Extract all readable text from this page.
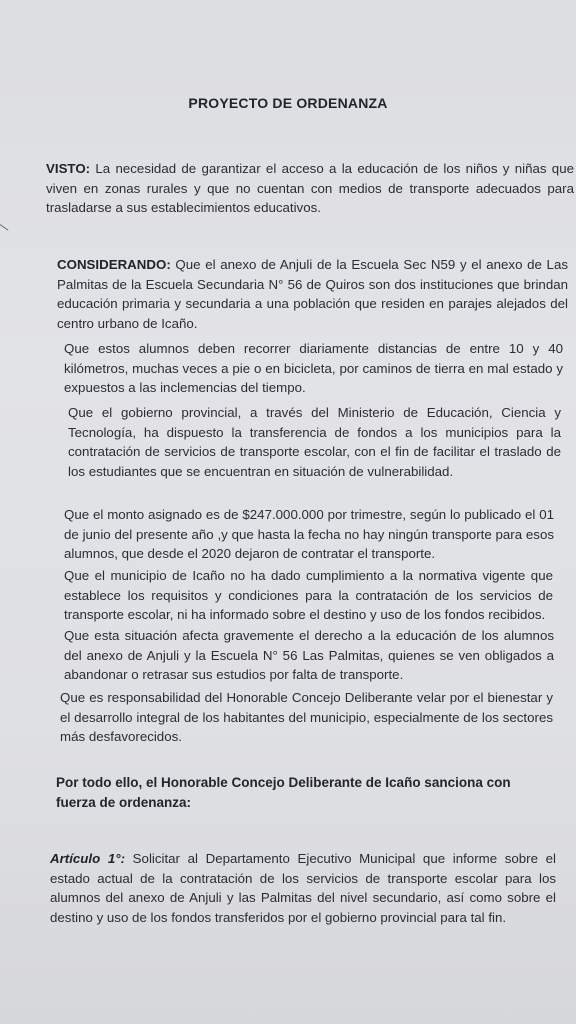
PROYECTO DE ORDENANZA

VISTO: La necesidad de garantizar el acceso a la educación de los niños y niñas que viven en zonas rurales y que no cuentan con medios de transporte adecuados para trasladarse a sus establecimientos educativos.

CONSIDERANDO: Que el anexo de Anjuli de la Escuela Sec N59 y el anexo de Las Palmitas de la Escuela Secundaria N° 56 de Quiros son dos instituciones que brindan educación primaria y secundaria a una población que residen en parajes alejados del centro urbano de Icaño.

Que estos alumnos deben recorrer diariamente distancias de entre 10 y 40 kilómetros, muchas veces a pie o en bicicleta, por caminos de tierra en mal estado y expuestos a las inclemencias del tiempo.

Que el gobierno provincial, a través del Ministerio de Educación, Ciencia y Tecnología, ha dispuesto la transferencia de fondos a los municipios para la contratación de servicios de transporte escolar, con el fin de facilitar el traslado de los estudiantes que se encuentran en situación de vulnerabilidad.

Que el monto asignado es de $247.000.000 por trimestre, según lo publicado el 01 de junio del presente año ,y que hasta la fecha no hay ningún transporte para esos alumnos, que desde el 2020 dejaron de contratar el transporte.

Que el municipio de Icaño no ha dado cumplimiento a la normativa vigente que establece los requisitos y condiciones para la contratación de los servicios de transporte escolar, ni ha informado sobre el destino y uso de los fondos recibidos.

Que esta situación afecta gravemente el derecho a la educación de los alumnos del anexo de Anjuli y la Escuela N° 56 Las Palmitas, quienes se ven obligados a abandonar o retrasar sus estudios por falta de transporte.

Que es responsabilidad del Honorable Concejo Deliberante velar por el bienestar y el desarrollo integral de los habitantes del municipio, especialmente de los sectores más desfavorecidos.

Por todo ello, el Honorable Concejo Deliberante de Icaño sanciona con fuerza de ordenanza:

Artículo 1°: Solicitar al Departamento Ejecutivo Municipal que informe sobre el estado actual de la contratación de los servicios de transporte escolar para los alumnos del anexo de Anjuli y las Palmitas del nivel secundario, así como sobre el destino y uso de los fondos transferidos por el gobierno provincial para tal fin.
